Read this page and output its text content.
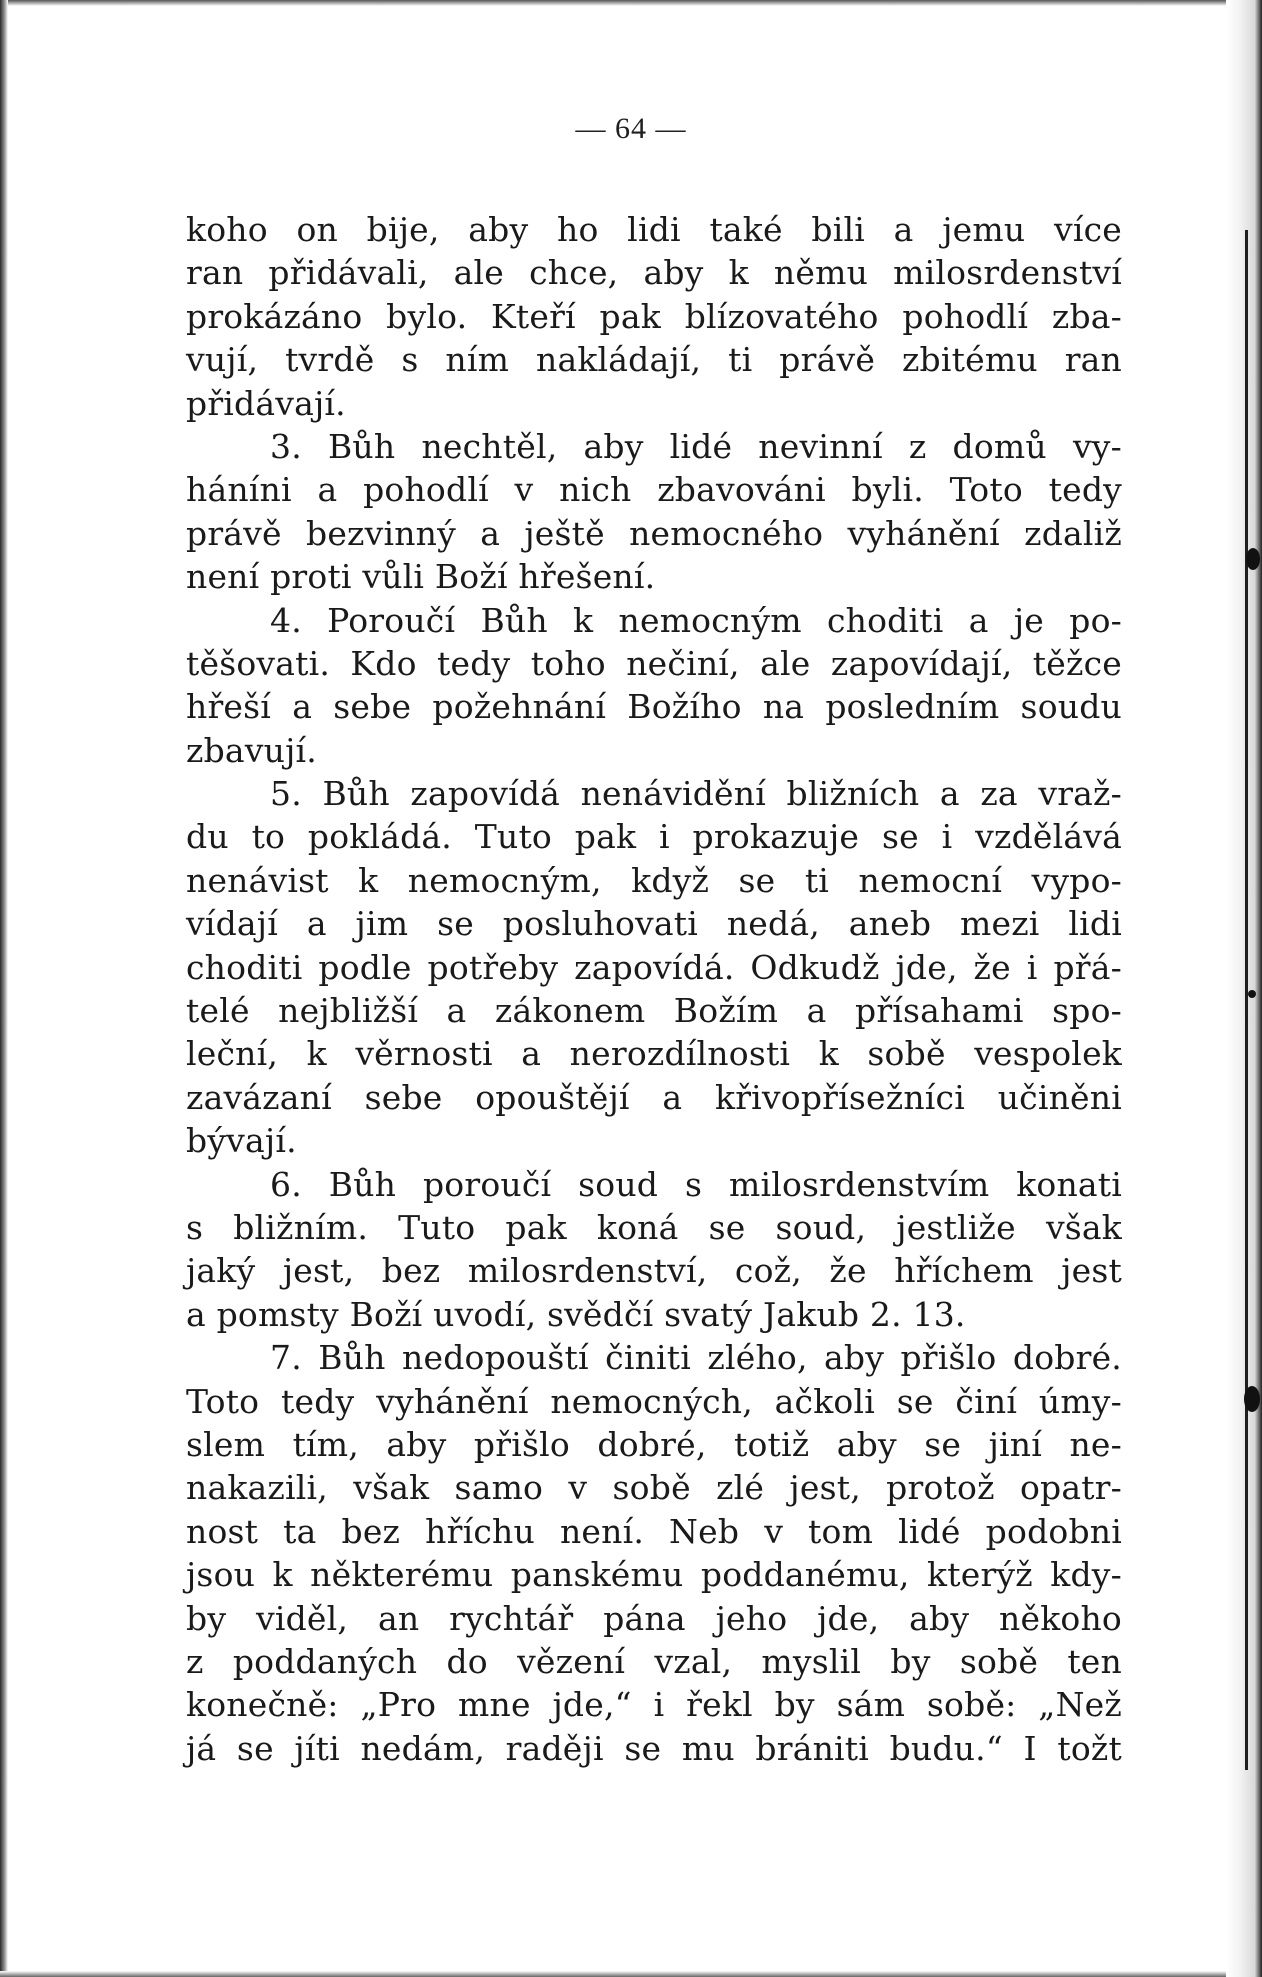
— 64 —
koho on bije, aby ho lidi také bili a jemu více
ran přidávali, ale chce, aby k němu milosrdenství
prokázáno bylo. Kteří pak blízovatého pohodlí zba-
vují, tvrdě s ním nakládají, ti právě zbitému ran
přidávají.
3. Bůh nechtěl, aby lidé nevinní z domů vy-
háníni a pohodlí v nich zbavováni byli. Toto tedy
právě bezvinný a ještě nemocného vyhánění zdaliž
není proti vůli Boží hřešení.
4. Poroučí Bůh k nemocným choditi a je po-
těšovati. Kdo tedy toho nečiní, ale zapovídají, těžce
hřeší a sebe požehnání Božího na posledním soudu
zbavují.
5. Bůh zapovídá nenávidění bližních a za vraž-
du to pokládá. Tuto pak i prokazuje se i vzdělává
nenávist k nemocným, když se ti nemocní vypo-
vídají a jim se posluhovati nedá, aneb mezi lidi
choditi podle potřeby zapovídá. Odkudž jde, že i přá-
telé nejbližší a zákonem Božím a přísahami spo-
leční, k věrnosti a nerozdílnosti k sobě vespolek
zavázaní sebe opouštějí a křivopřísežníci učiněni
bývají.
6. Bůh poroučí soud s milosrdenstvím konati
s bližním. Tuto pak koná se soud, jestliže však
jaký jest, bez milosrdenství, což, že hříchem jest
a pomsty Boží uvodí, svědčí svatý Jakub 2. 13.
7. Bůh nedopouští činiti zlého, aby přišlo dobré.
Toto tedy vyhánění nemocných, ačkoli se činí úmy-
slem tím, aby přišlo dobré, totiž aby se jiní ne-
nakazili, však samo v sobě zlé jest, protož opatr-
nost ta bez hříchu není. Neb v tom lidé podobni
jsou k některému panskému poddanému, kterýž kdy-
by viděl, an rychtář pána jeho jde, aby někoho
z poddaných do vězení vzal, myslil by sobě ten
konečně: „Pro mne jde,“ i řekl by sám sobě: „Než
já se jíti nedám, raději se mu brániti budu.“ I tožt
